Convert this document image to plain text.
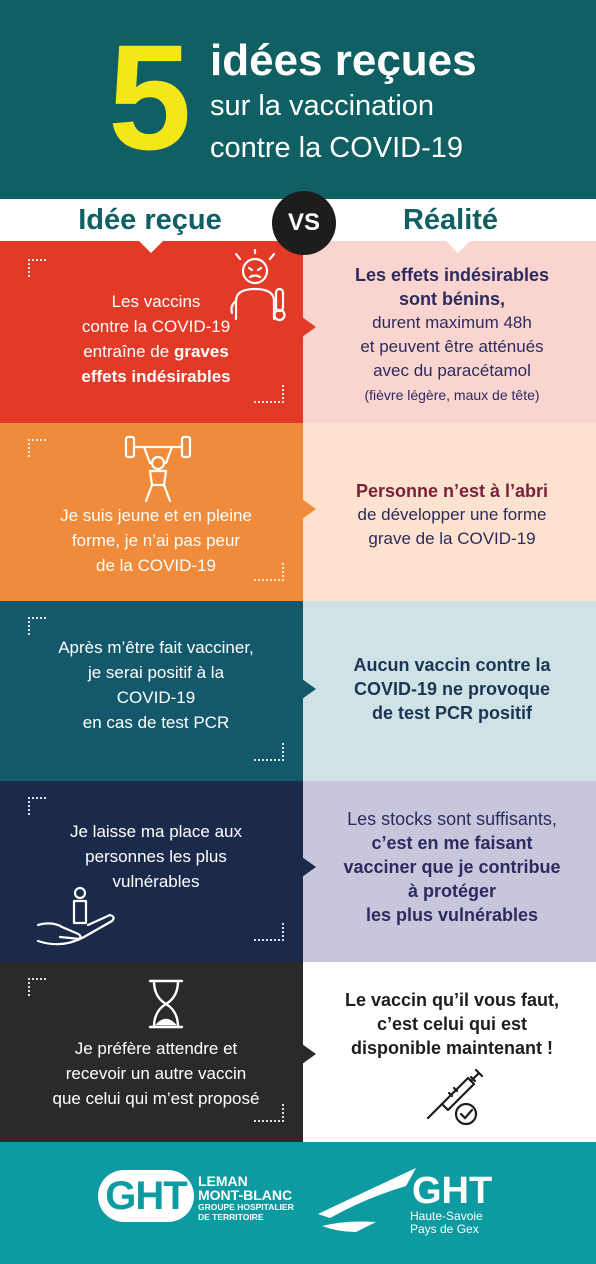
5 idées reçues
sur la vaccination
contre la COVID-19
Idée reçue	Réalité
VS
Les vaccins
contre la COVID-19
entraîne de graves
effets indésirables
Les effets indésirables
sont bénins,
durent maximum 48h
et peuvent être atténués
avec du paracétamol
(fièvre légère, maux de tête)
Je suis jeune et en pleine
forme, je n’ai pas peur
de la COVID-19
Personne n’est à l’abri
de développer une forme
grave de la COVID-19
Après m’être fait vacciner,
je serai positif à la
COVID-19
en cas de test PCR
Aucun vaccin contre la
COVID-19 ne provoque
de test PCR positif
Je laisse ma place aux
personnes les plus
vulnérables
Les stocks sont suffisants,
c’est en me faisant
vacciner que je contribue
à protéger
les plus vulnérables
Je préfère attendre et
recevoir un autre vaccin
que celui qui m’est proposé
Le vaccin qu’il vous faut,
c’est celui qui est
disponible maintenant !
GHT LEMAN
MONT-BLANC
GROUPE HOSPITALIER
DE TERRITOIRE
GHT
Haute-Savoie
Pays de Gex
